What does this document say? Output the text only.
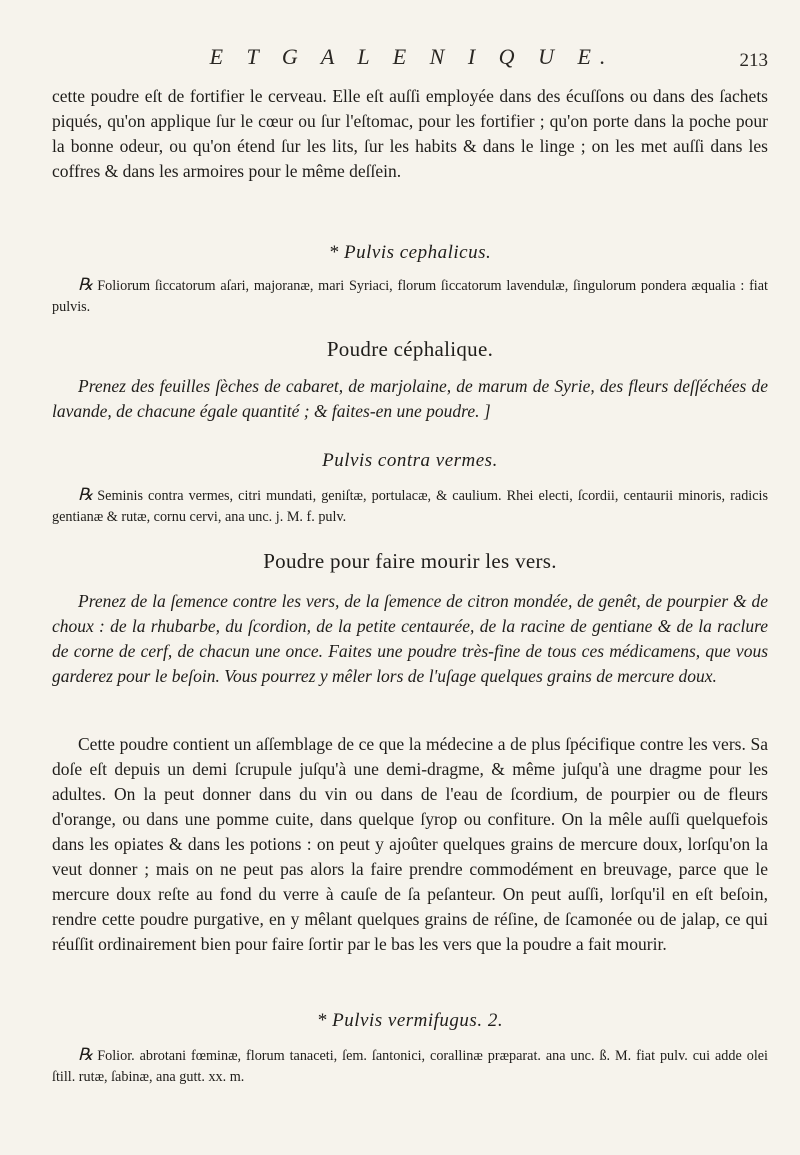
E T G A L E N I Q U E.	213

cette poudre eſt de fortifier le cerveau. Elle eſt auſſi employée dans des écuſſons ou dans des ſachets piqués, qu'on applique ſur le cœur ou ſur l'eſtomac, pour les fortifier ; qu'on porte dans la poche pour la bonne odeur, ou qu'on étend ſur les lits, ſur les habits & dans le linge ; on les met auſſi dans les coffres & dans les armoires pour le même deſſein.

* Pulvis cephalicus.

℞ Foliorum ſiccatorum aſari, majoranæ, mari Syriaci, florum ſiccatorum lavendulæ, ſingulorum pondera æqualia : fiat pulvis.

Poudre céphalique.

Prenez des feuilles ſèches de cabaret, de marjolaine, de marum de Syrie, des fleurs deſſéchées de lavande, de chacune égale quantité ; & faites-en une poudre. ]

Pulvis contra vermes.

℞ Seminis contra vermes, citri mundati, geniſtæ, portulacæ, & caulium. Rhei electi, ſcordii, centaurii minoris, radicis gentianæ & rutæ, cornu cervi, ana unc. j. M. f. pulv.

Poudre pour faire mourir les vers.

Prenez de la ſemence contre les vers, de la ſemence de citron mondée, de genêt, de pourpier & de choux : de la rhubarbe, du ſcordion, de la petite centaurée, de la racine de gentiane & de la raclure de corne de cerf, de chacun une once. Faites une poudre très-fine de tous ces médicamens, que vous garderez pour le beſoin. Vous pourrez y mêler lors de l'uſage quelques grains de mercure doux.

Cette poudre contient un aſſemblage de ce que la médecine a de plus ſpécifique contre les vers. Sa doſe eſt depuis un demi ſcrupule juſqu'à une demi-dragme, & même juſqu'à une dragme pour les adultes. On la peut donner dans du vin ou dans de l'eau de ſcordium, de pourpier ou de fleurs d'orange, ou dans une pomme cuite, dans quelque ſyrop ou confiture. On la mêle auſſi quelquefois dans les opiates & dans les potions : on peut y ajoûter quelques grains de mercure doux, lorſqu'on la veut donner ; mais on ne peut pas alors la faire prendre commodément en breuvage, parce que le mercure doux reſte au fond du verre à cauſe de ſa peſanteur. On peut auſſi, lorſqu'il en eſt beſoin, rendre cette poudre purgative, en y mêlant quelques grains de réſine, de ſcamonée ou de jalap, ce qui réuſſit ordinairement bien pour faire ſortir par le bas les vers que la poudre a fait mourir.

* Pulvis vermifugus. 2.

℞ Folior. abrotani fœminæ, florum tanaceti, ſem. ſantonici, corallinæ præparat. ana unc. ß. M. fiat pulv. cui adde olei ſtill. rutæ, ſabinæ, ana gutt. xx. m.
